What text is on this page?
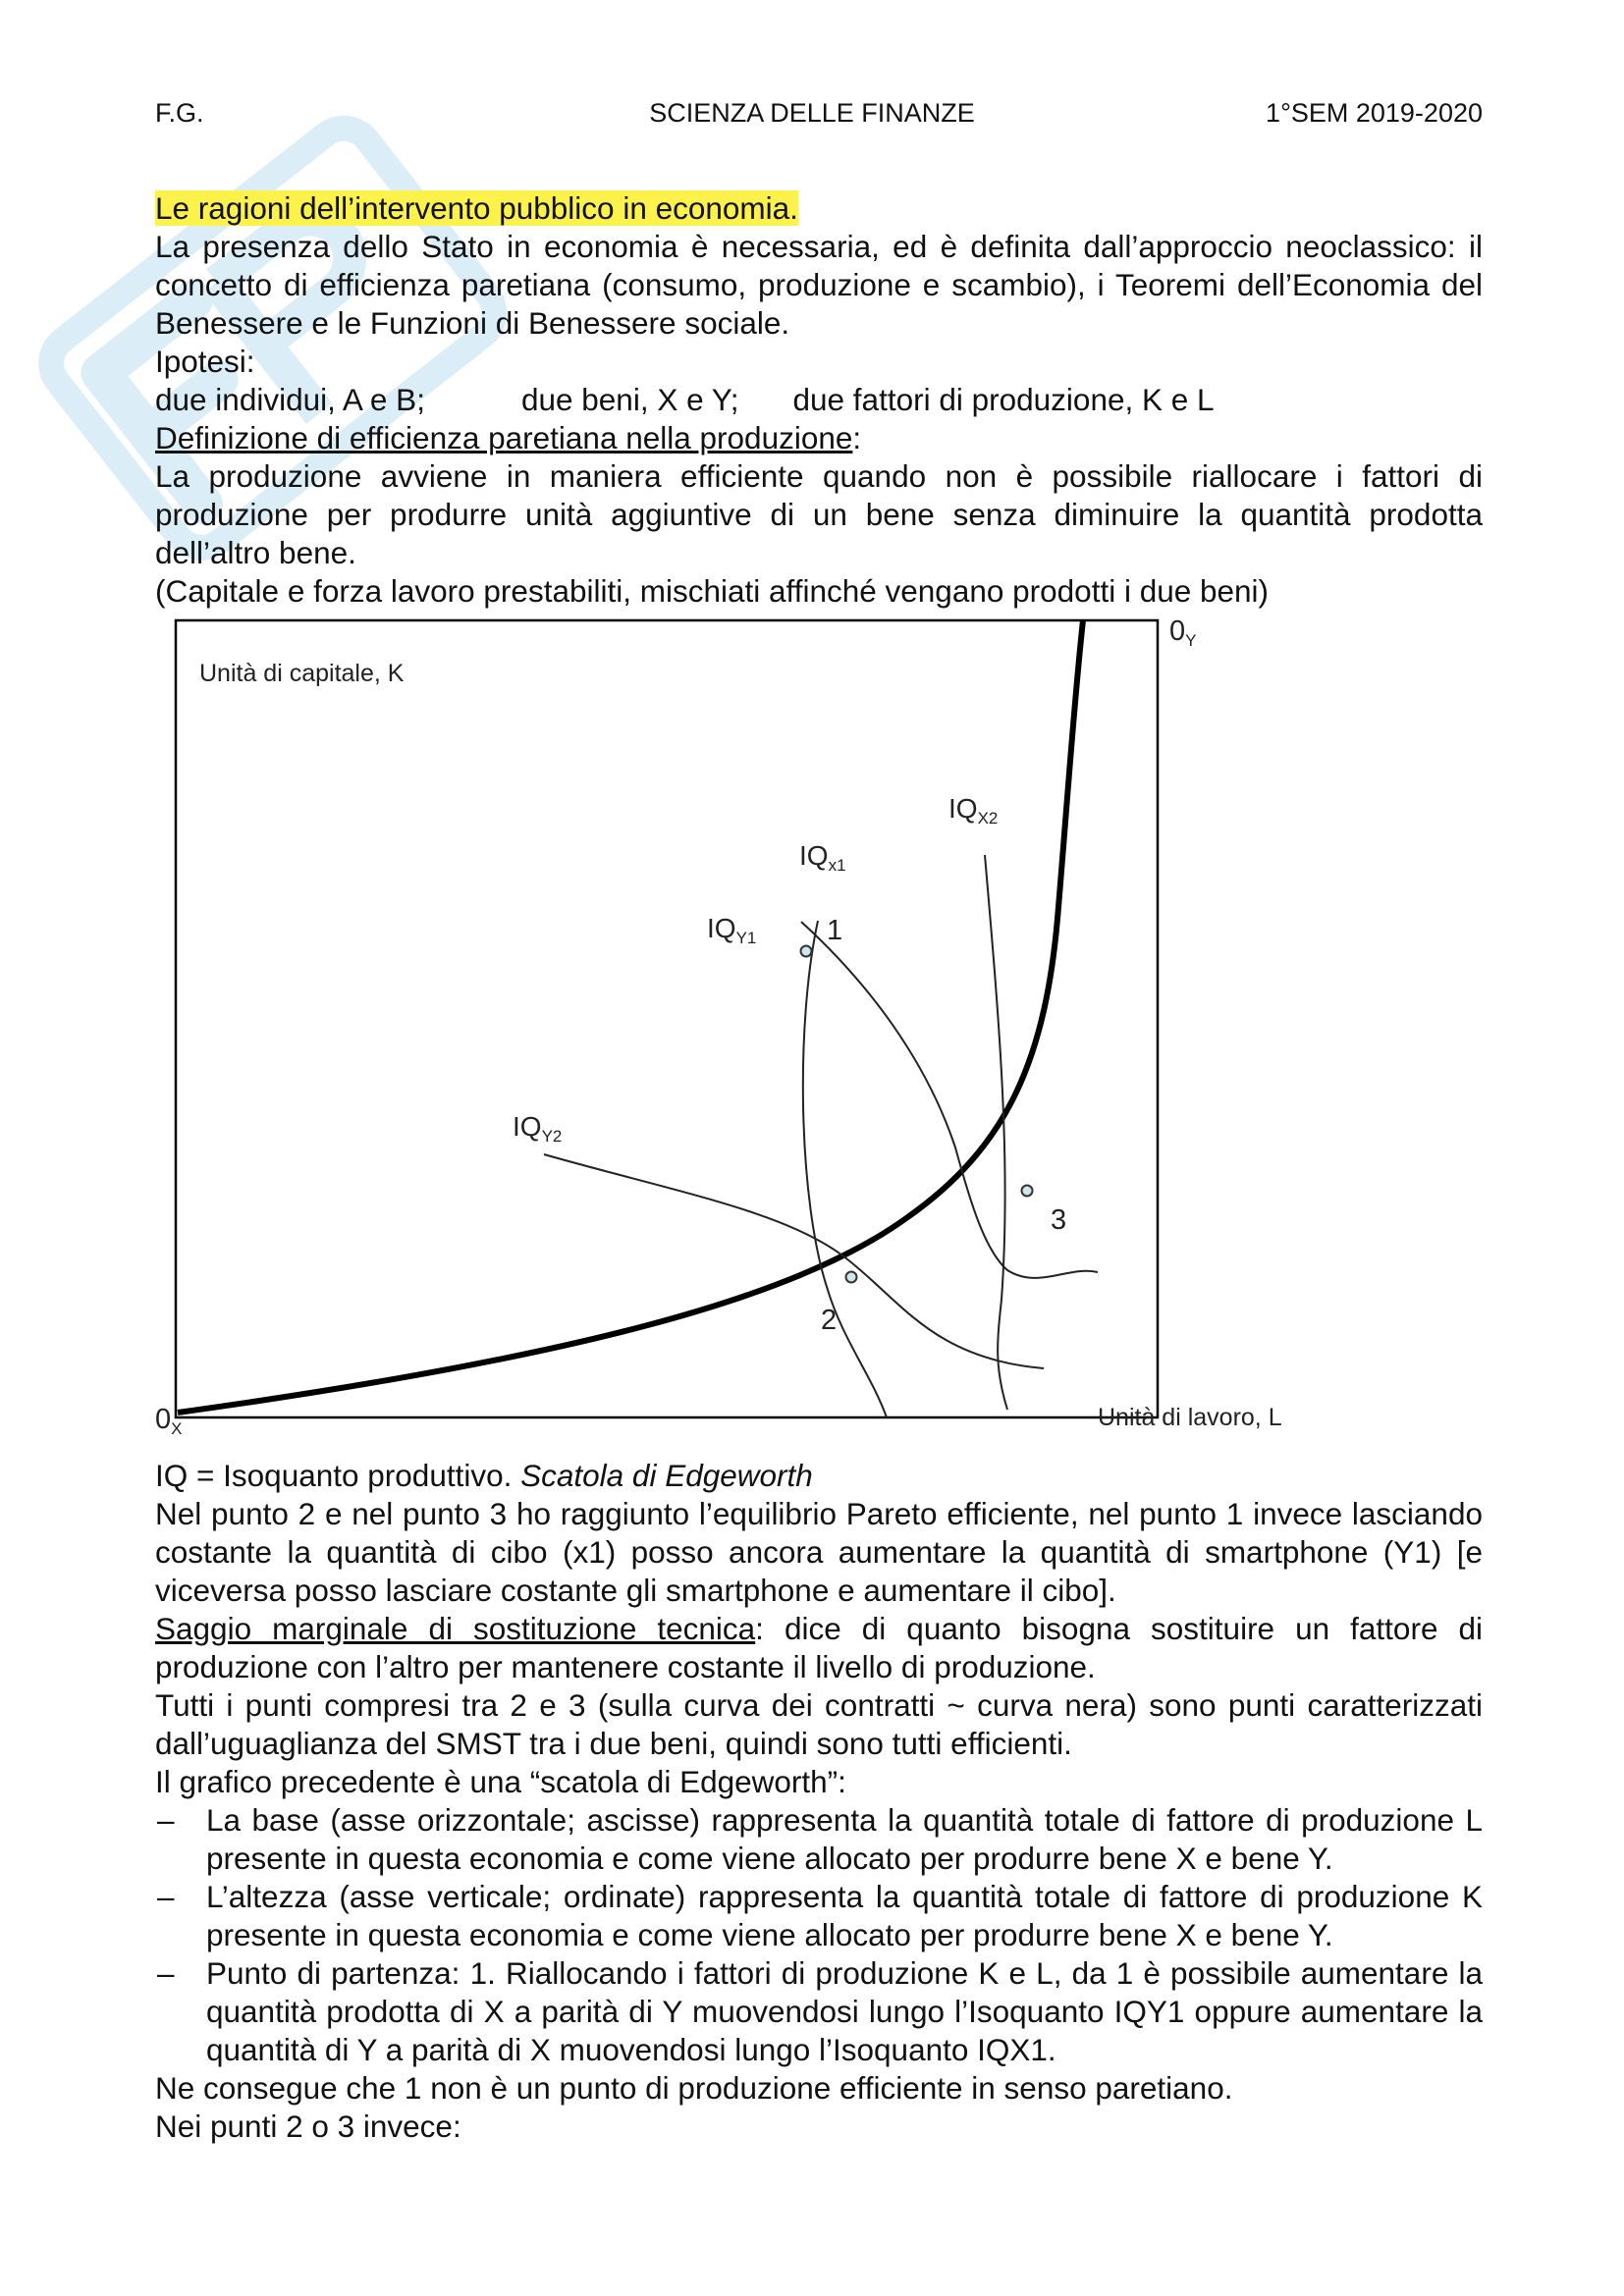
F.G.	SCIENZA DELLE FINANZE	1°SEM 2019-2020

Le ragioni dell’intervento pubblico in economia.

La presenza dello Stato in economia è necessaria, ed è definita dall’approccio neoclassico: il concetto di efficienza paretiana (consumo, produzione e scambio), i Teoremi dell’Economia del Benessere e le Funzioni di Benessere sociale.

Ipotesi:

due individui, A e B;	due beni, X e Y; due fattori di produzione, K e L

Definizione di efficienza paretiana nella produzione:

La produzione avviene in maniera efficiente quando non è possibile riallocare i fattori di produzione per produrre unità aggiuntive di un bene senza diminuire la quantità prodotta dell’altro bene.

(Capitale e forza lavoro prestabiliti, mischiati affinché vengano prodotti i due beni)

Unità di capitale, K
Unità di lavoro, L
$0_X$
$0_Y$
$IQ_{X2}$
$IQ_{x1}$
$IQ_{Y1}$
$IQ_{Y2}$
1
2
3

IQ = Isoquanto produttivo. Scatola di Edgeworth

Nel punto 2 e nel punto 3 ho raggiunto l’equilibrio Pareto efficiente, nel punto 1 invece lasciando costante la quantità di cibo (x1) posso ancora aumentare la quantità di smartphone (Y1) [e viceversa posso lasciare costante gli smartphone e aumentare il cibo].

Saggio marginale di sostituzione tecnica: dice di quanto bisogna sostituire un fattore di produzione con l’altro per mantenere costante il livello di produzione.

Tutti i punti compresi tra 2 e 3 (sulla curva dei contratti ~ curva nera) sono punti caratterizzati dall’uguaglianza del SMST tra i due beni, quindi sono tutti efficienti.

Il grafico precedente è una “scatola di Edgeworth”:

– La base (asse orizzontale; ascisse) rappresenta la quantità totale di fattore di produzione L presente in questa economia e come viene allocato per produrre bene X e bene Y.
– L’altezza (asse verticale; ordinate) rappresenta la quantità totale di fattore di produzione K presente in questa economia e come viene allocato per produrre bene X e bene Y.
– Punto di partenza: 1. Riallocando i fattori di produzione K e L, da 1 è possibile aumentare la quantità prodotta di X a parità di Y muovendosi lungo l’Isoquanto IQY1 oppure aumentare la quantità di Y a parità di X muovendosi lungo l’Isoquanto IQX1.

Ne consegue che 1 non è un punto di produzione efficiente in senso paretiano.

Nei punti 2 o 3 invece:
